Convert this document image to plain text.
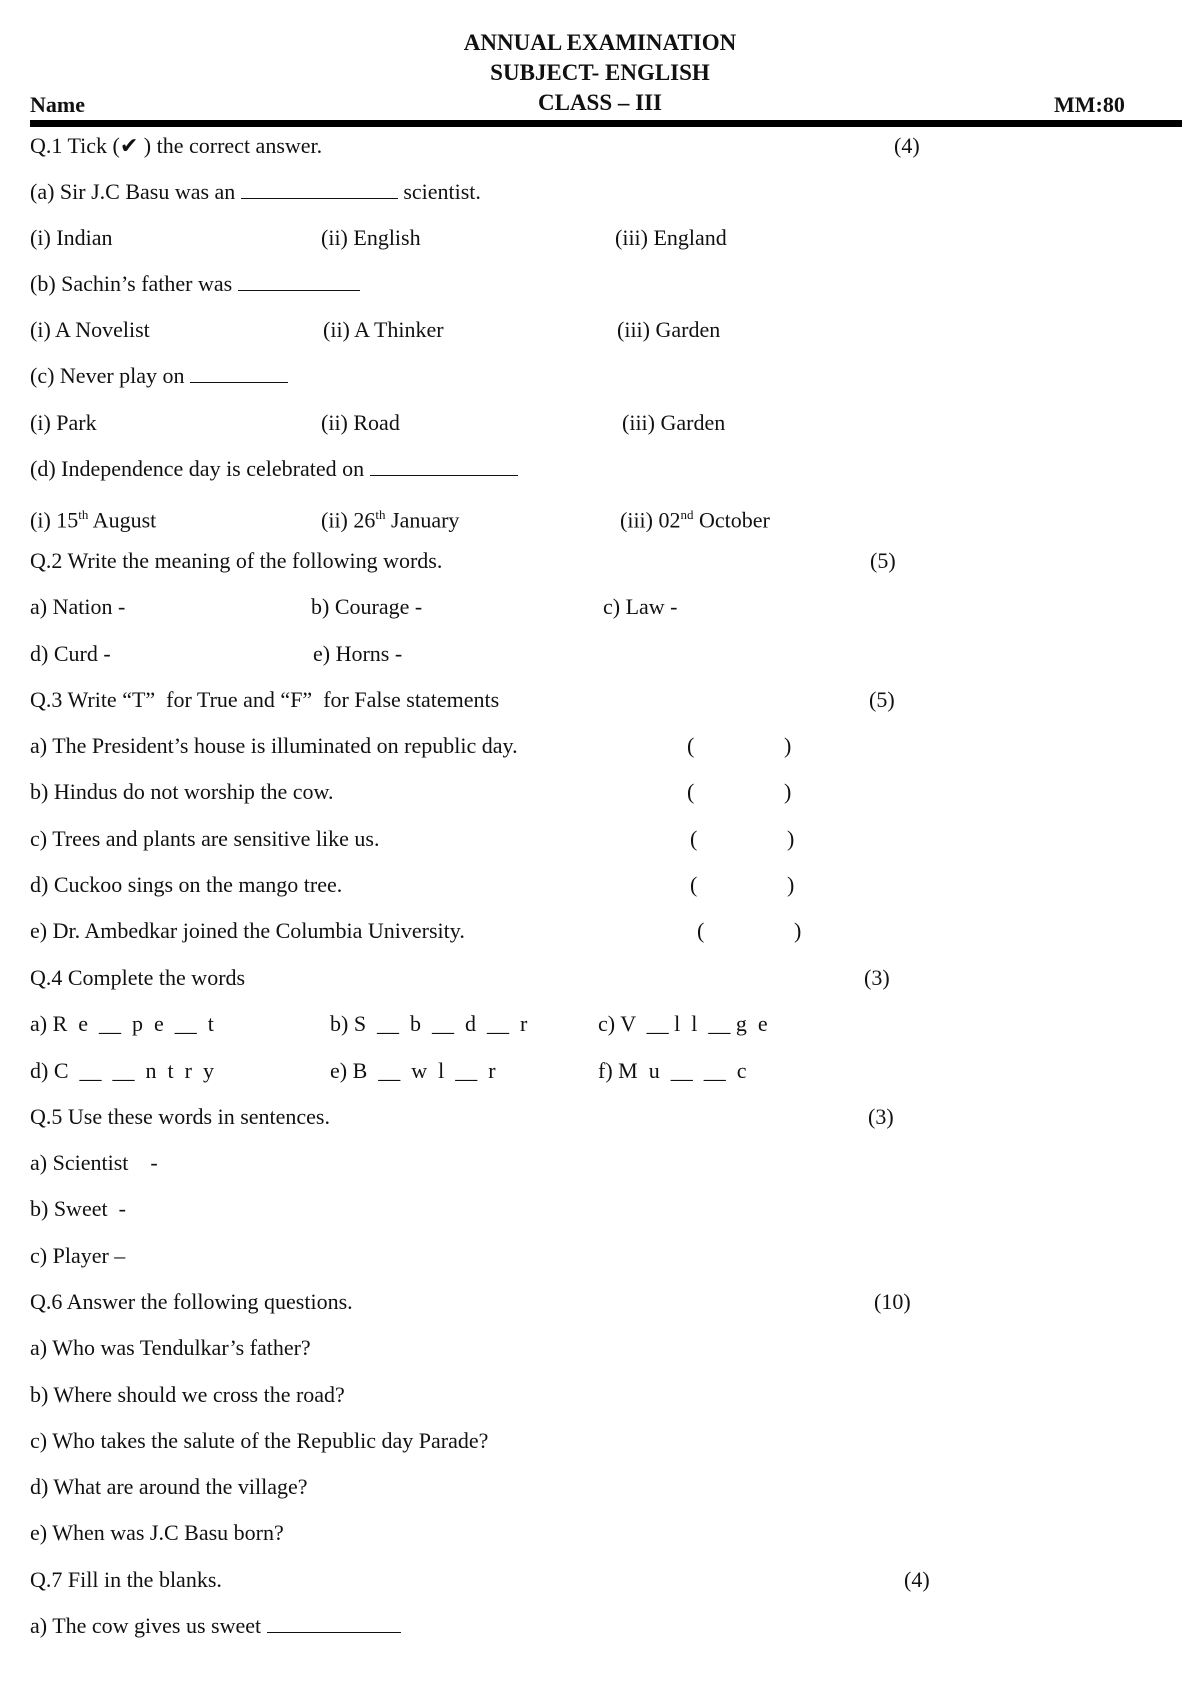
ANNUAL EXAMINATION
SUBJECT- ENGLISH
CLASS – III
Name	MM:80
Q.1 Tick (✔ ) the correct answer.	(4)
(a) Sir J.C Basu was an	scientist.
(i) Indian	(ii) English	(iii) England
(b) Sachin’s father was
(i) A Novelist	(ii) A Thinker	(iii) Garden
(c) Never play on
(i) Park	(ii) Road	(iii) Garden
(d) Independence day is celebrated on
(i) 15th August	(ii) 26th January	(iii) 02nd October
Q.2 Write the meaning of the following words.	(5)
a) Nation -	b) Courage -	c) Law -
d) Curd -	e) Horns -
Q.3 Write “T”  for True and “F”  for False statements	(5)
a) The President’s house is illuminated on republic day.	(	)
b) Hindus do not worship the cow.	(	)
c) Trees and plants are sensitive like us.	(	)
d) Cuckoo sings on the mango tree.	(	)
e) Dr. Ambedkar joined the Columbia University.	(	)
Q.4 Complete the words	(3)
a) R  e  __  p  e  __  t	b) S  __  b  __  d  __  r	c) V  __ l  l  __ g  e
d) C  __  __  n  t  r  y	e) B  __  w  l  __  r	f) M  u  __  __  c
Q.5 Use these words in sentences.	(3)
a) Scientist    -
b) Sweet  -
c) Player –
Q.6 Answer the following questions.	(10)
a) Who was Tendulkar’s father?
b) Where should we cross the road?
c) Who takes the salute of the Republic day Parade?
d) What are around the village?
e) When was J.C Basu born?
Q.7 Fill in the blanks.	(4)
a) The cow gives us sweet
